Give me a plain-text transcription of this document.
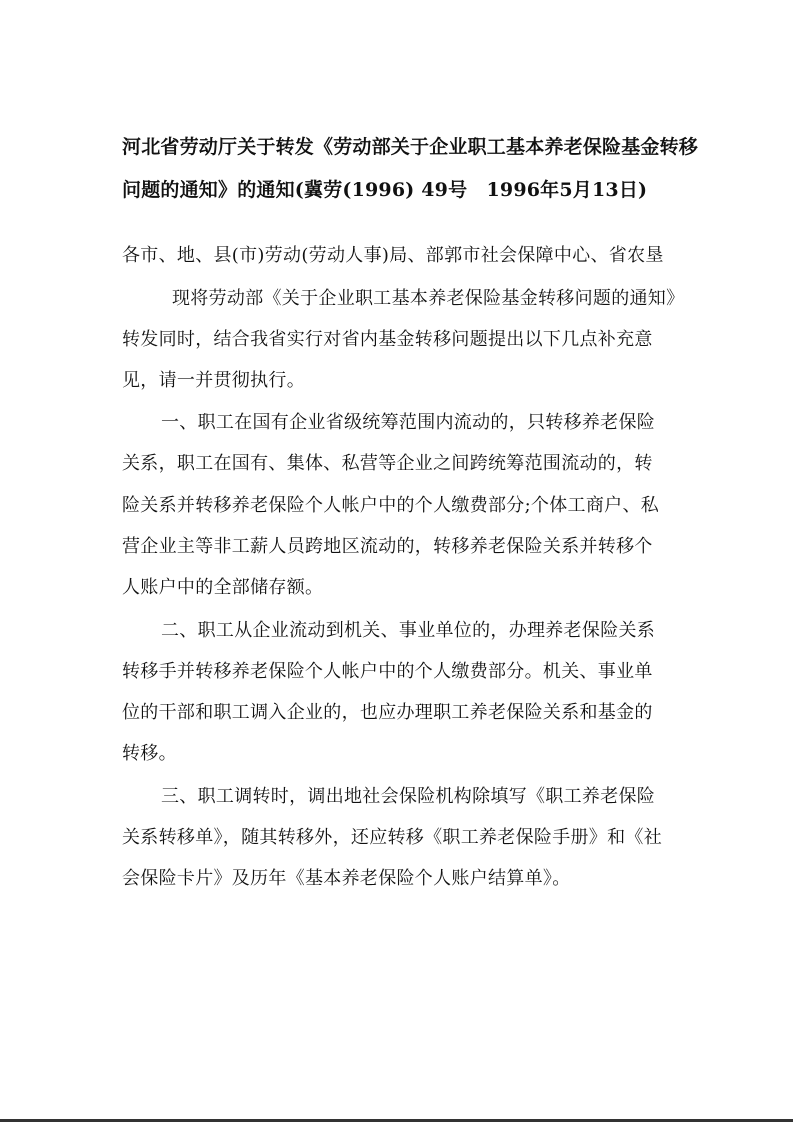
河北省劳动厅关于转发《劳动部关于企业职工基本养老保险基金转移
问题的通知》的通知(冀劳(1996) 49号　1996年5月13日)
各市、地、县(市)劳动(劳动人事)局、部郭市社会保障中心、省农垦
现将劳动部《关于企业职工基本养老保险基金转移问题的通知》
转发同时，结合我省实行对省内基金转移问题提出以下几点补充意
见，请一并贯彻执行。
一、职工在国有企业省级统筹范围内流动的，只转移养老保险
关系，职工在国有、集体、私营等企业之间跨统筹范围流动的，转
险关系并转移养老保险个人帐户中的个人缴费部分;个体工商户、私
营企业主等非工薪人员跨地区流动的，转移养老保险关系并转移个
人账户中的全部储存额。
二、职工从企业流动到机关、事业单位的，办理养老保险关系
转移手并转移养老保险个人帐户中的个人缴费部分。机关、事业单
位的干部和职工调入企业的，也应办理职工养老保险关系和基金的
转移。
三、职工调转时，调出地社会保险机构除填写《职工养老保险
关系转移单》，随其转移外，还应转移《职工养老保险手册》和《社
会保险卡片》及历年《基本养老保险个人账户结算单》。
